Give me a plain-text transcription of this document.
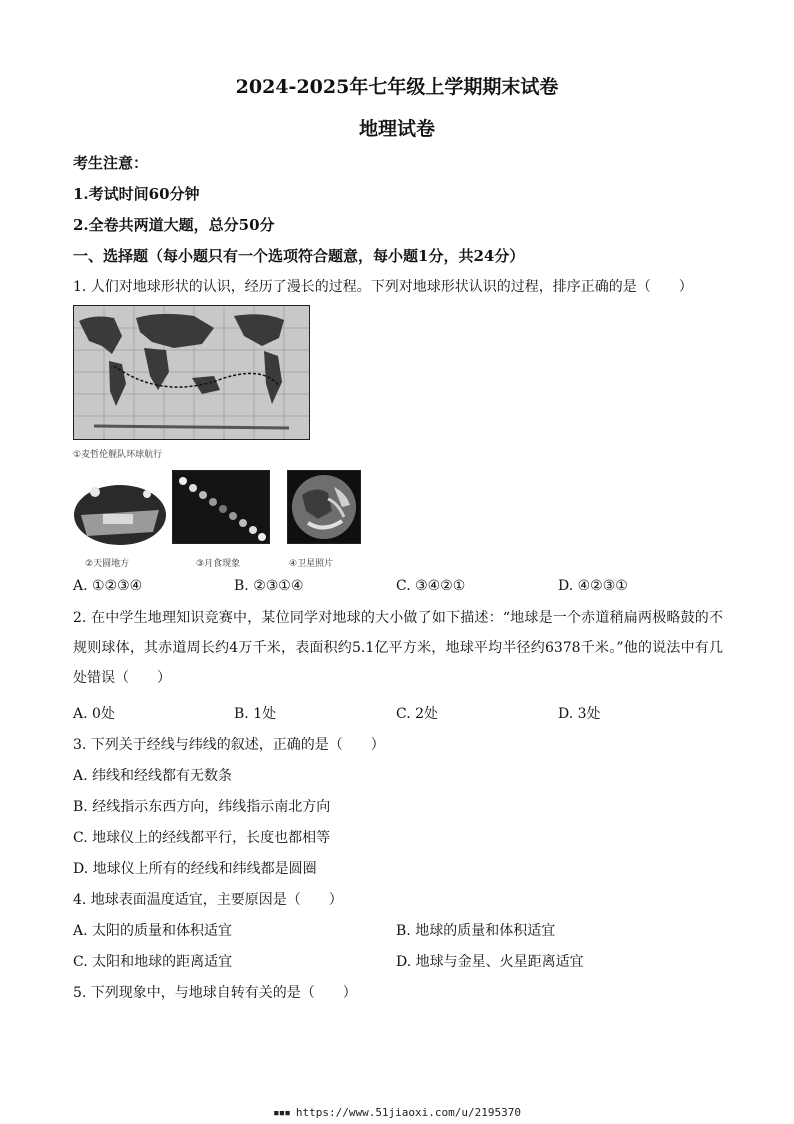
2024-2025年七年级上学期期末试卷
地理试卷
考生注意：
1.考试时间60分钟
2.全卷共两道大题，总分50分
一、选择题（每小题只有一个选项符合题意，每小题1分，共24分）
1. 人们对地球形状的认识，经历了漫长的过程。下列对地球形状认识的过程，排序正确的是（　　）
①麦哲伦舰队环球航行
②天圆地方	③月食现象	④卫星照片
A. ①②③④	B. ②③①④	C. ③④②①	D. ④②③①
2. 在中学生地理知识竞赛中，某位同学对地球的大小做了如下描述：“地球是一个赤道稍扁两极略鼓的不规则球体，其赤道周长约4万千米，表面积约5.1亿平方米，地球平均半径约6378千米。”他的说法中有几处错误（　　）
A. 0处	B. 1处	C. 2处	D. 3处
3. 下列关于经线与纬线的叙述，正确的是（　　）
A. 纬线和经线都有无数条
B. 经线指示东西方向，纬线指示南北方向
C. 地球仪上的经线都平行，长度也都相等
D. 地球仪上所有的经线和纬线都是圆圈
4. 地球表面温度适宜，主要原因是（　　）
A. 太阳的质量和体积适宜	B. 地球的质量和体积适宜
C. 太阳和地球的距离适宜	D. 地球与金星、火星距离适宜
5. 下列现象中，与地球自转有关的是（　　）
▪▪▪ https://www.51jiaoxi.com/u/2195370
